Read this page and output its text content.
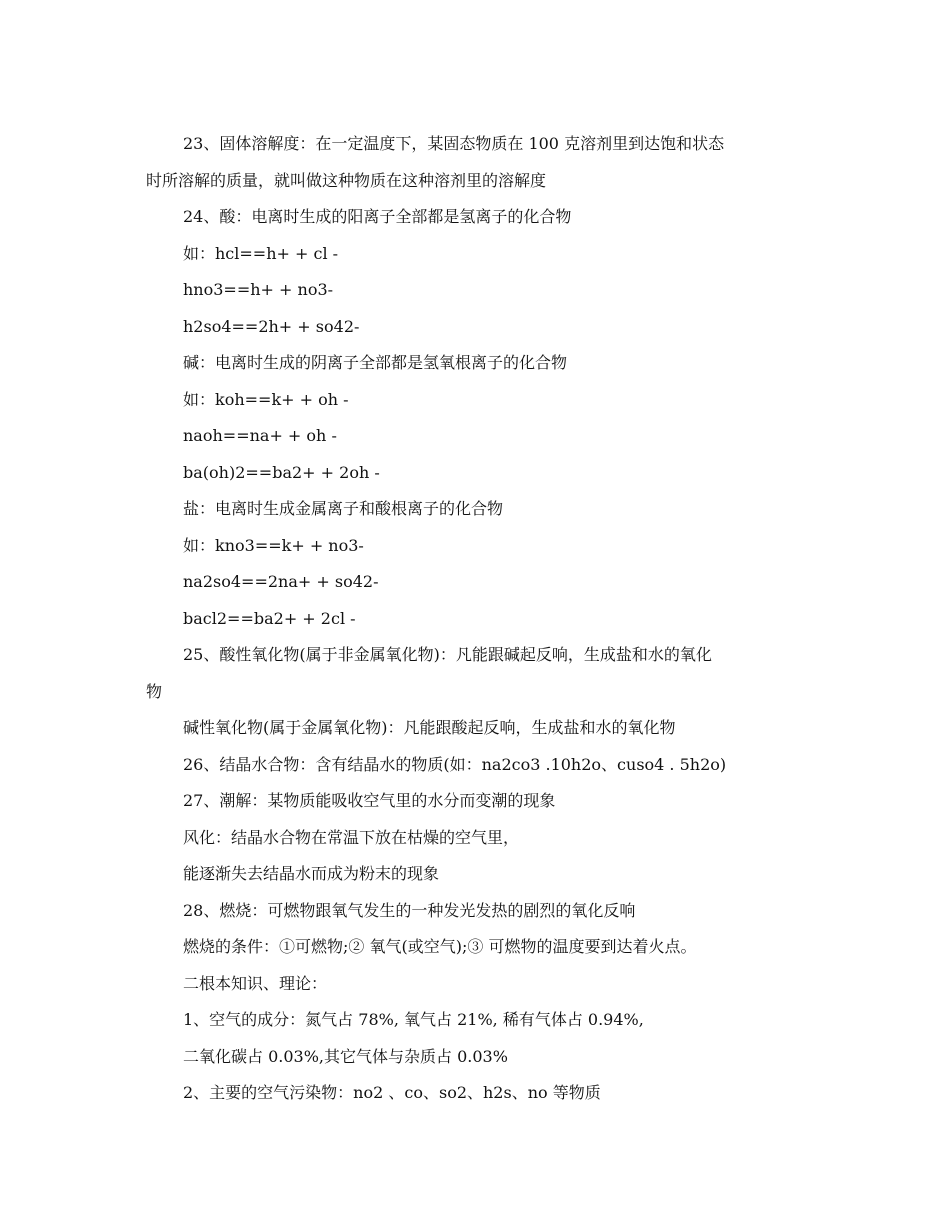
23、固体溶解度：在一定温度下，某固态物质在 100 克溶剂里到达饱和状态
时所溶解的质量，就叫做这种物质在这种溶剂里的溶解度
24、酸：电离时生成的阳离子全部都是氢离子的化合物
如：hcl==h+ + cl -
hno3==h+ + no3-
h2so4==2h+ + so42-
碱：电离时生成的阴离子全部都是氢氧根离子的化合物
如：koh==k+ + oh -
naoh==na+ + oh -
ba(oh)2==ba2+ + 2oh -
盐：电离时生成金属离子和酸根离子的化合物
如：kno3==k+ + no3-
na2so4==2na+ + so42-
bacl2==ba2+ + 2cl -
25、酸性氧化物(属于非金属氧化物)：凡能跟碱起反响，生成盐和水的氧化
物
碱性氧化物(属于金属氧化物)：凡能跟酸起反响，生成盐和水的氧化物
26、结晶水合物：含有结晶水的物质(如：na2co3 .10h2o、cuso4 . 5h2o)
27、潮解：某物质能吸收空气里的水分而变潮的现象
风化：结晶水合物在常温下放在枯燥的空气里，
能逐渐失去结晶水而成为粉末的现象
28、燃烧：可燃物跟氧气发生的一种发光发热的剧烈的氧化反响
燃烧的条件：①可燃物;② 氧气(或空气);③ 可燃物的温度要到达着火点。
二根本知识、理论：
1、空气的成分：氮气占 78%, 氧气占 21%, 稀有气体占 0.94%,
二氧化碳占 0.03%,其它气体与杂质占 0.03%
2、主要的空气污染物：no2 、co、so2、h2s、no 等物质
